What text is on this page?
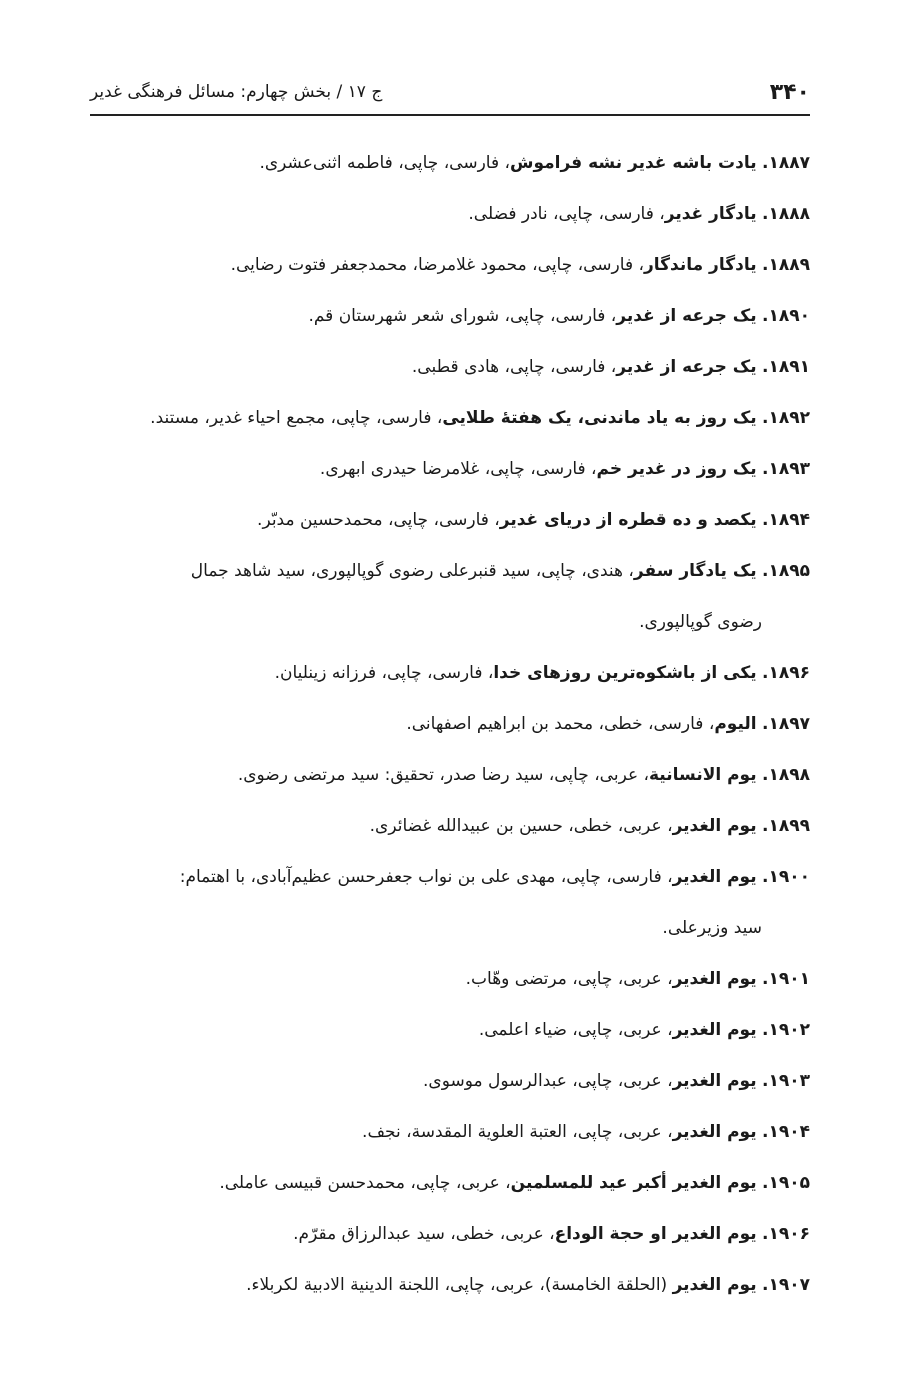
۳۴۰
ج ۱۷ / بخش چهارم: مسائل فرهنگی غدیر

۱۸۸۷. یادت باشه غدیر نشه فراموش، فارسی، چاپی، فاطمه اثنی‌عشری.

۱۸۸۸. یادگار غدیر، فارسی، چاپی، نادر فضلی.

۱۸۸۹. یادگار ماندگار، فارسی، چاپی، محمود غلامرضا، محمدجعفر فتوت رضایی.

۱۸۹۰. یک جرعه از غدیر، فارسی، چاپی، شورای شعر شهرستان قم.

۱۸۹۱. یک جرعه از غدیر، فارسی، چاپی، هادی قطبی.

۱۸۹۲. یک روز به یاد ماندنی، یک هفتهٔ طلایی، فارسی، چاپی، مجمع احیاء غدیر، مستند.

۱۸۹۳. یک روز در غدیر خم، فارسی، چاپی، غلامرضا حیدری ابهری.

۱۸۹۴. یکصد و ده قطره از دریای غدیر، فارسی، چاپی، محمدحسین مدبّر.

۱۸۹۵. یک یادگار سفر، هندی، چاپی، سید قنبرعلی رضوی گوپالپوری، سید شاهد جمال
رضوی گوپالپوری.

۱۸۹۶. یکی از باشکوه‌ترین روزهای خدا، فارسی، چاپی، فرزانه زینلیان.

۱۸۹۷. الیوم، فارسی، خطی، محمد بن ابراهیم اصفهانی.

۱۸۹۸. یوم الانسانیة، عربی، چاپی، سید رضا صدر، تحقیق: سید مرتضی رضوی.

۱۸۹۹. یوم الغدیر، عربی، خطی، حسین بن عبیدالله غضائری.

۱۹۰۰. یوم الغدیر، فارسی، چاپی، مهدی علی بن نواب جعفرحسن عظیم‌آبادی، با اهتمام:
سید وزیرعلی.

۱۹۰۱. یوم الغدیر، عربی، چاپی، مرتضی وهّاب.

۱۹۰۲. یوم الغدیر، عربی، چاپی، ضیاء اعلمی.

۱۹۰۳. یوم الغدیر، عربی، چاپی، عبدالرسول موسوی.

۱۹۰۴. یوم الغدیر، عربی، چاپی، العتبة العلویة المقدسة، نجف.

۱۹۰۵. یوم الغدیر أکبر عید للمسلمین، عربی، چاپی، محمدحسن قبیسی عاملی.

۱۹۰۶. یوم الغدیر او حجة الوداع، عربی، خطی، سید عبدالرزاق مقرّم.

۱۹۰۷. یوم الغدیر (الحلقة الخامسة)، عربی، چاپی، اللجنة الدینیة الادبیة لکربلاء.
